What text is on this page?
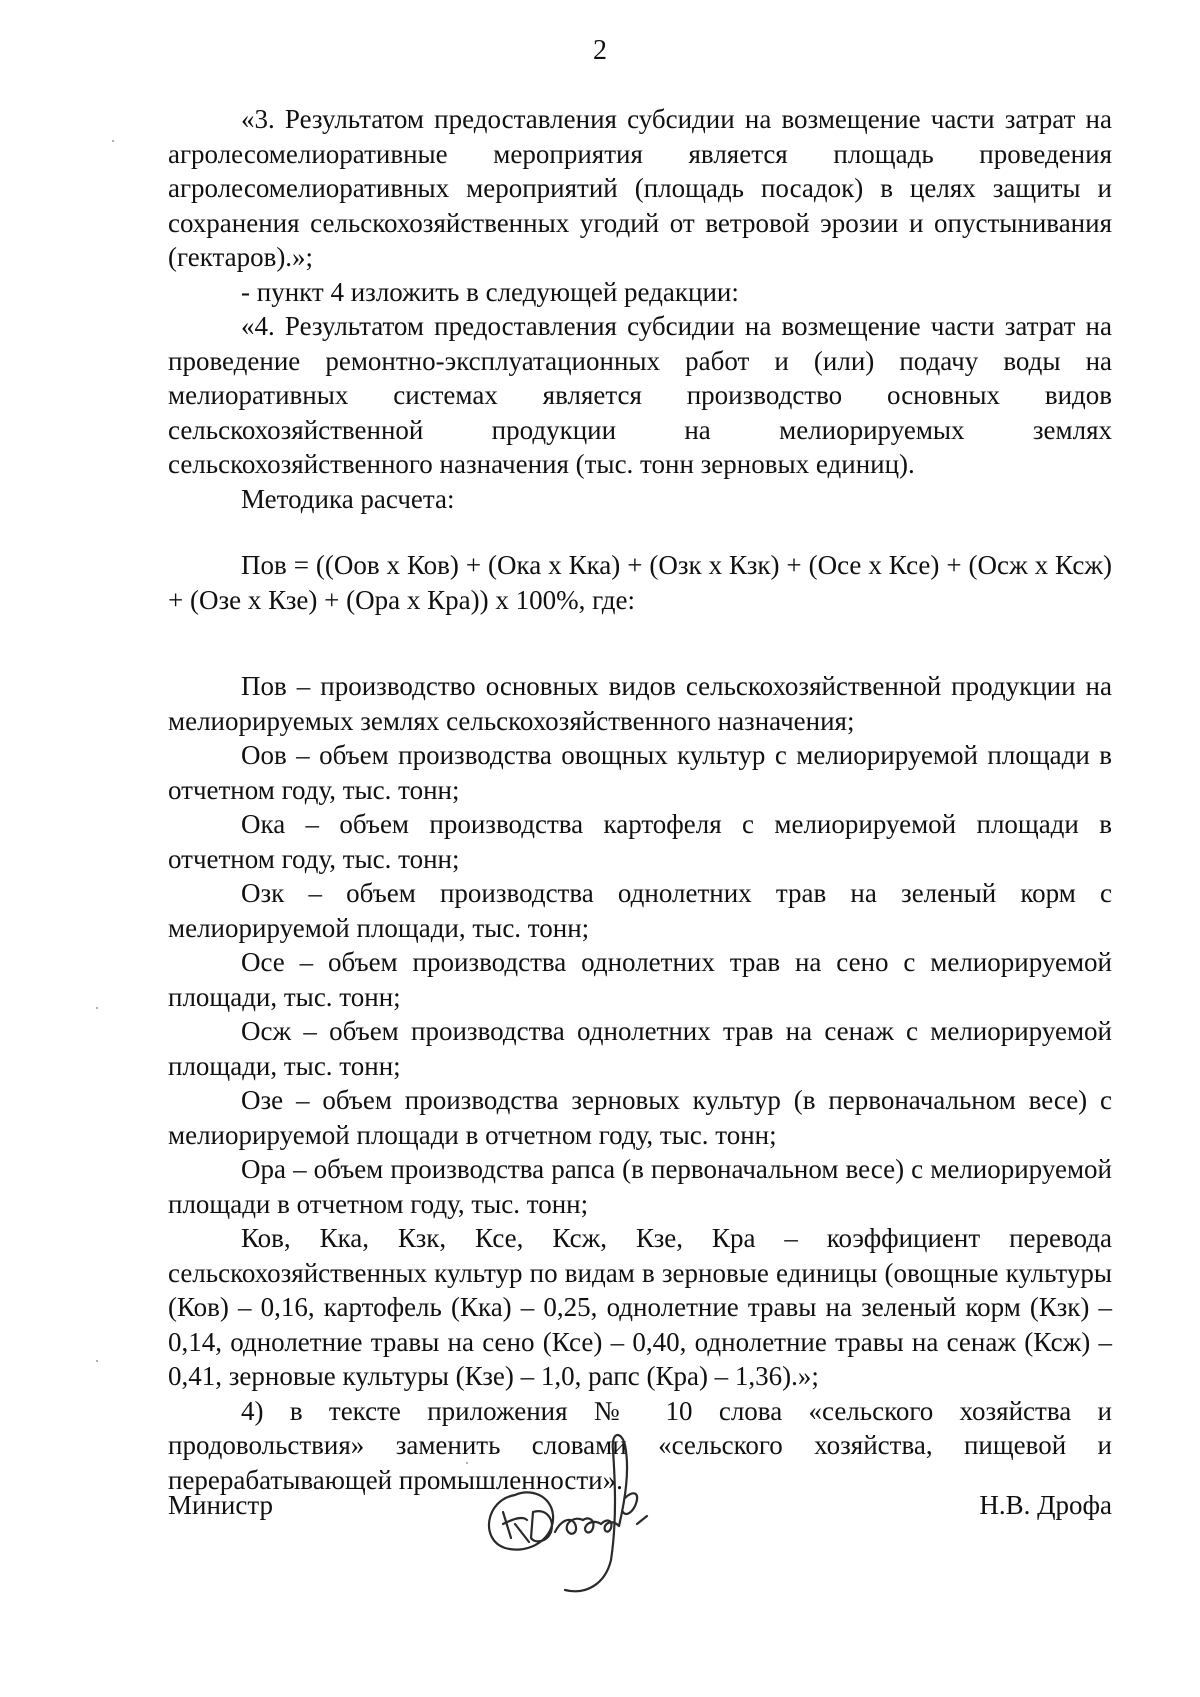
2

«3. Результатом предоставления субсидии на возмещение части затрат на агролесомелиоративные мероприятия является площадь проведения агролесомелиоративных мероприятий (площадь посадок) в целях защиты и сохранения сельскохозяйственных угодий от ветровой эрозии и опустынивания (гектаров).»;

- пункт 4 изложить в следующей редакции:

«4. Результатом предоставления субсидии на возмещение части затрат на проведение ремонтно-эксплуатационных работ и (или) подачу воды на мелиоративных системах является производство основных видов сельскохозяйственной продукции на мелиорируемых землях сельскохозяйственного назначения (тыс. тонн зерновых единиц).

Методика расчета:

Пов = ((Оов х Ков) + (Ока х Кка) + (Озк х Кзк) + (Осе х Ксе) + (Осж х Ксж) + (Озе х Кзе) + (Ора х Кра)) х 100%, где:

Пов – производство основных видов сельскохозяйственной продукции на мелиорируемых землях сельскохозяйственного назначения;

Оов – объем производства овощных культур с мелиорируемой площади в отчетном году, тыс. тонн;

Ока – объем производства картофеля с мелиорируемой площади в отчетном году, тыс. тонн;

Озк – объем производства однолетних трав на зеленый корм с мелиорируемой площади, тыс. тонн;

Осе – объем производства однолетних трав на сено с мелиорируемой площади, тыс. тонн;

Осж – объем производства однолетних трав на сенаж с мелиорируемой площади, тыс. тонн;

Озе – объем производства зерновых культур (в первоначальном весе) с мелиорируемой площади в отчетном году, тыс. тонн;

Ора – объем производства рапса (в первоначальном весе) с мелиорируемой площади в отчетном году, тыс. тонн;

Ков, Кка, Кзк, Ксе, Ксж, Кзе, Кра – коэффициент перевода сельскохозяйственных культур по видам в зерновые единицы (овощные культуры (Ков) – 0,16, картофель (Кка) – 0,25, однолетние травы на зеленый корм (Кзк) – 0,14, однолетние травы на сено (Ксе) – 0,40, однолетние травы на сенаж (Ксж) – 0,41, зерновые культуры (Кзе) – 1,0, рапс (Кра) – 1,36).»;

4) в тексте приложения № 10 слова «сельского хозяйства и продовольствия» заменить словами «сельского хозяйства, пищевой и перерабатывающей промышленности».

Министр	Н.В. Дрофа
